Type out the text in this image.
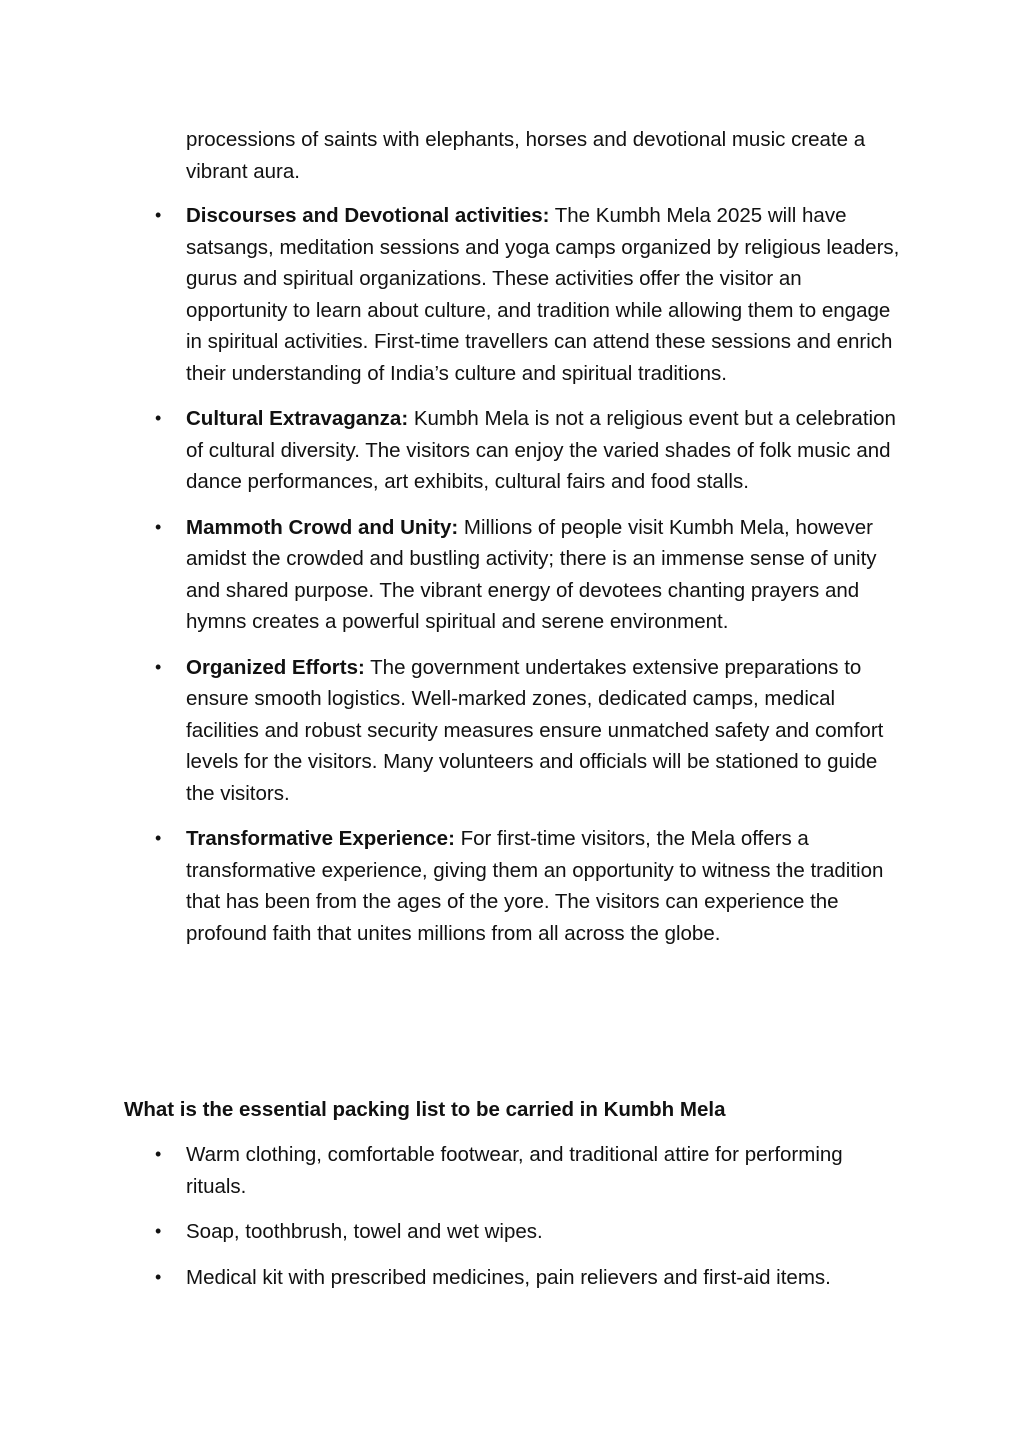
processions of saints with elephants, horses and devotional music create a vibrant aura.

• Discourses and Devotional activities: The Kumbh Mela 2025 will have satsangs, meditation sessions and yoga camps organized by religious leaders, gurus and spiritual organizations. These activities offer the visitor an opportunity to learn about culture, and tradition while allowing them to engage in spiritual activities. First-time travellers can attend these sessions and enrich their understanding of India’s culture and spiritual traditions.
• Cultural Extravaganza: Kumbh Mela is not a religious event but a celebration of cultural diversity. The visitors can enjoy the varied shades of folk music and dance performances, art exhibits, cultural fairs and food stalls.
• Mammoth Crowd and Unity: Millions of people visit Kumbh Mela, however amidst the crowded and bustling activity; there is an immense sense of unity and shared purpose. The vibrant energy of devotees chanting prayers and hymns creates a powerful spiritual and serene environment.
• Organized Efforts: The government undertakes extensive preparations to ensure smooth logistics. Well-marked zones, dedicated camps, medical facilities and robust security measures ensure unmatched safety and comfort levels for the visitors. Many volunteers and officials will be stationed to guide the visitors.
• Transformative Experience: For first-time visitors, the Mela offers a transformative experience, giving them an opportunity to witness the tradition that has been from the ages of the yore. The visitors can experience the profound faith that unites millions from all across the globe.
What is the essential packing list to be carried in Kumbh Mela
• Warm clothing, comfortable footwear, and traditional attire for performing rituals.
• Soap, toothbrush, towel and wet wipes.
• Medical kit with prescribed medicines, pain relievers and first-aid items.
